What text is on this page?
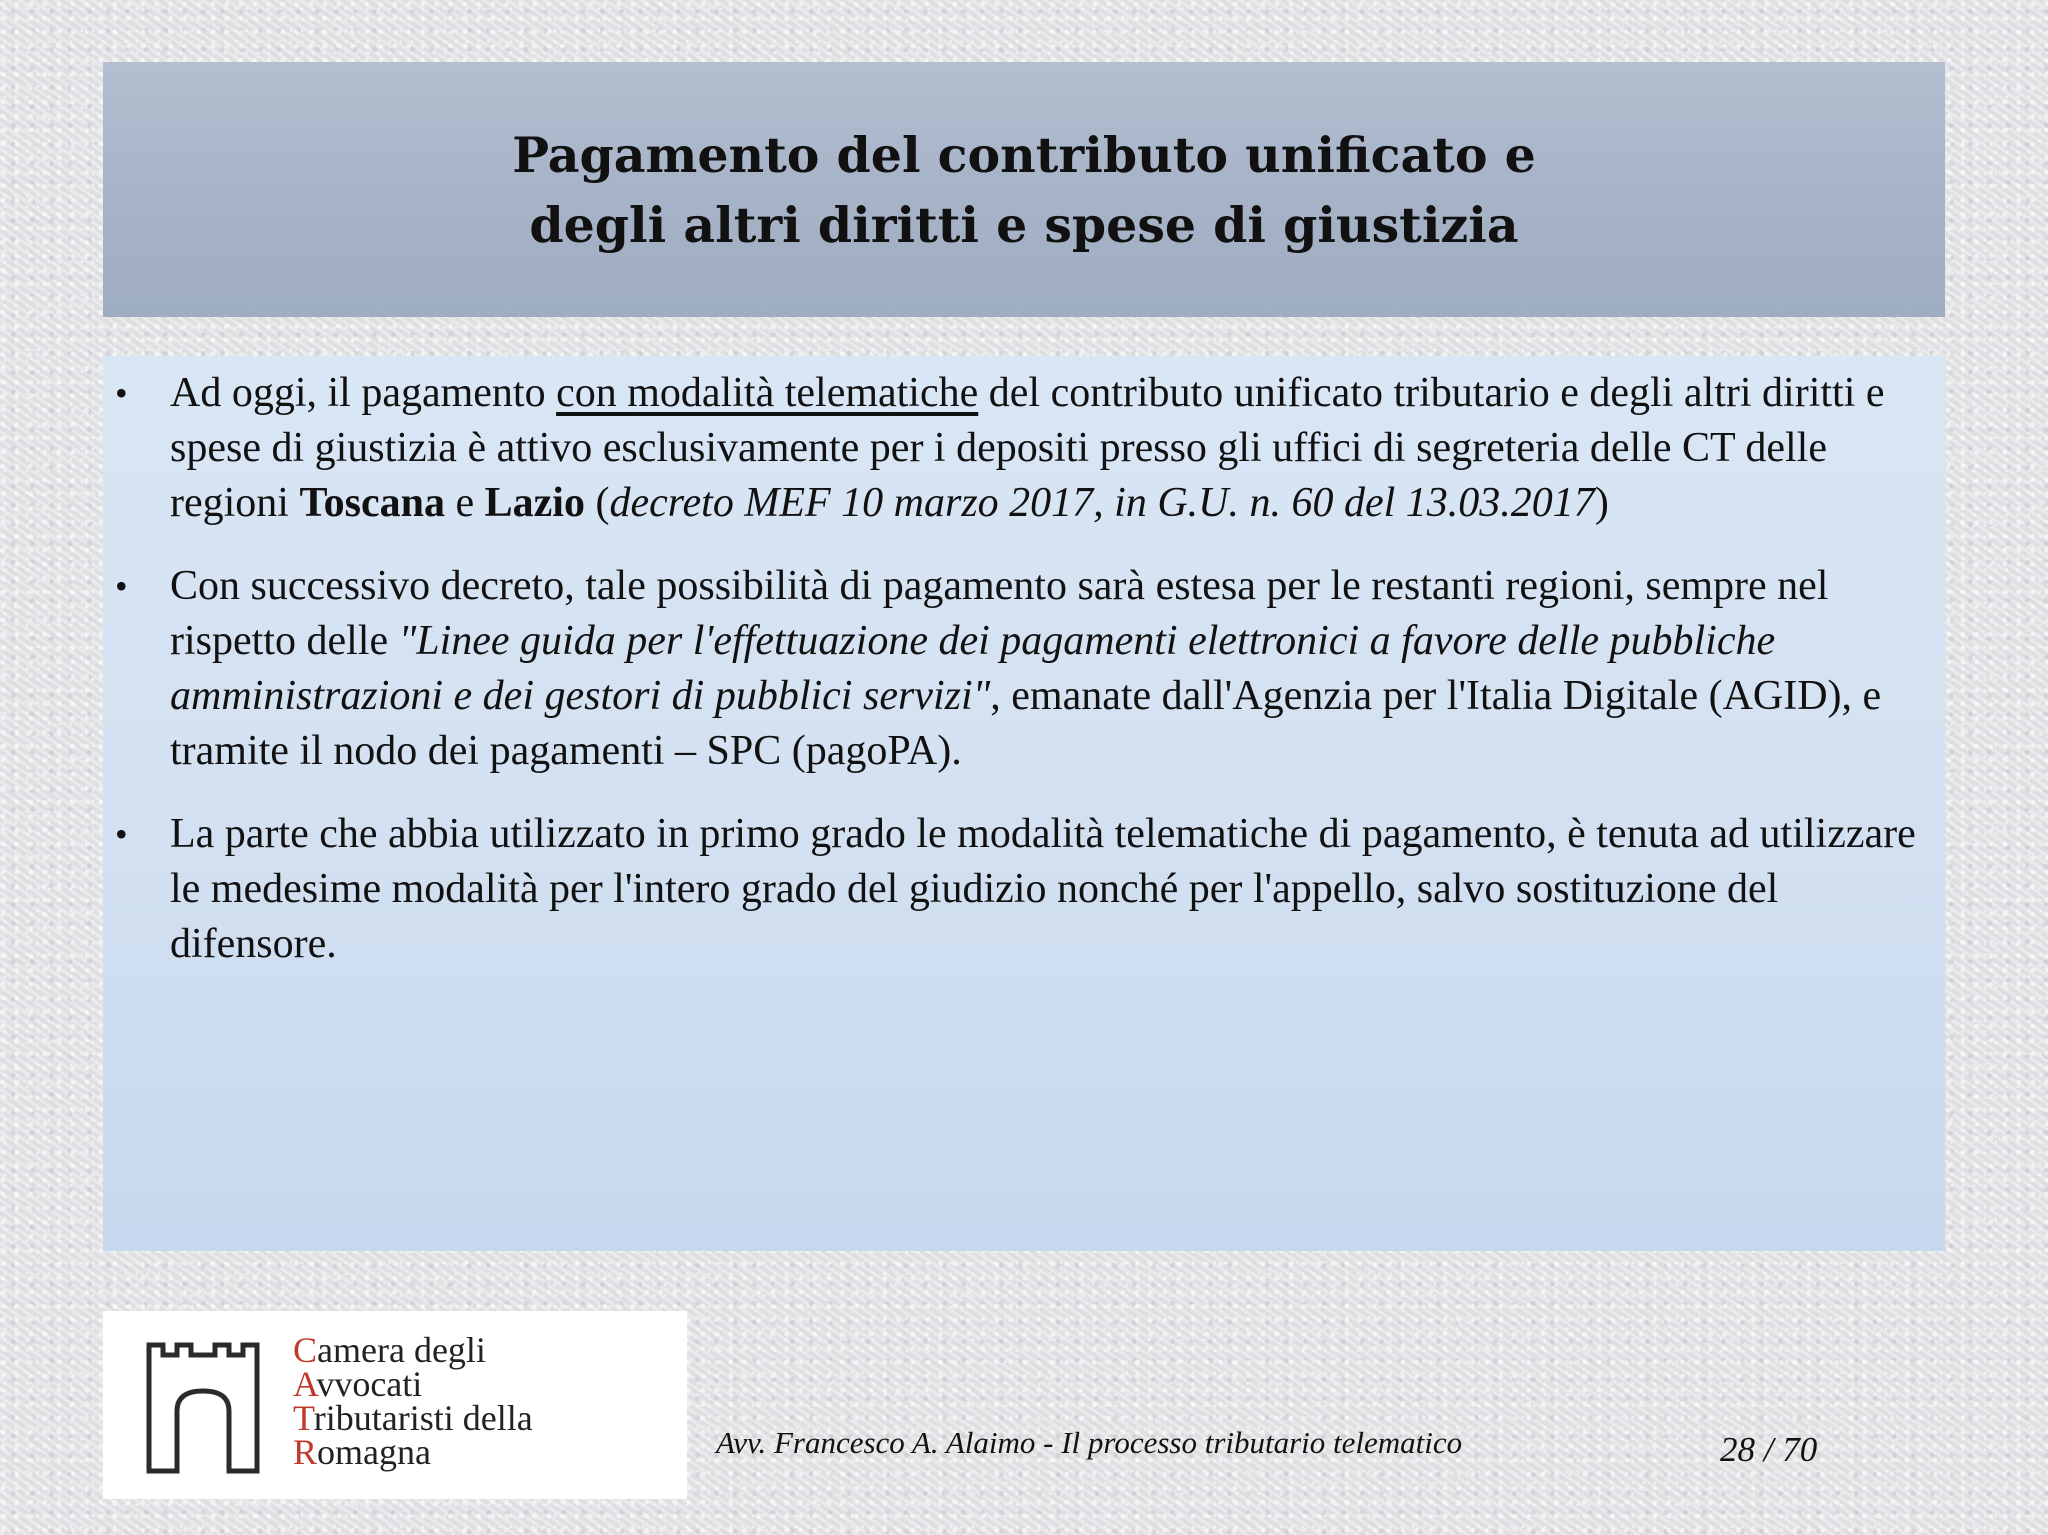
Pagamento del contributo unificato e
degli altri diritti e spese di giustizia
• Ad oggi, il pagamento con modalità telematiche del contributo unificato tributario e degli altri diritti e spese di giustizia è attivo esclusivamente per i depositi presso gli uffici di segreteria delle CT delle regioni Toscana e Lazio (decreto MEF 10 marzo 2017, in G.U. n. 60 del 13.03.2017)
• Con successivo decreto, tale possibilità di pagamento sarà estesa per le restanti regioni, sempre nel rispetto delle "Linee guida per l'effettuazione dei pagamenti elettronici a favore delle pubbliche amministrazioni e dei gestori di pubblici servizi", emanate dall'Agenzia per l'Italia Digitale (AGID), e tramite il nodo dei pagamenti – SPC (pagoPA).
• La parte che abbia utilizzato in primo grado le modalità telematiche di pagamento, è tenuta ad utilizzare le medesime modalità per l'intero grado del giudizio nonché per l'appello, salvo sostituzione del difensore.
Camera degli
Avvocati
Tributaristi della
Romagna	Avv. Francesco A. Alaimo - Il processo tributario telematico	28 / 70
